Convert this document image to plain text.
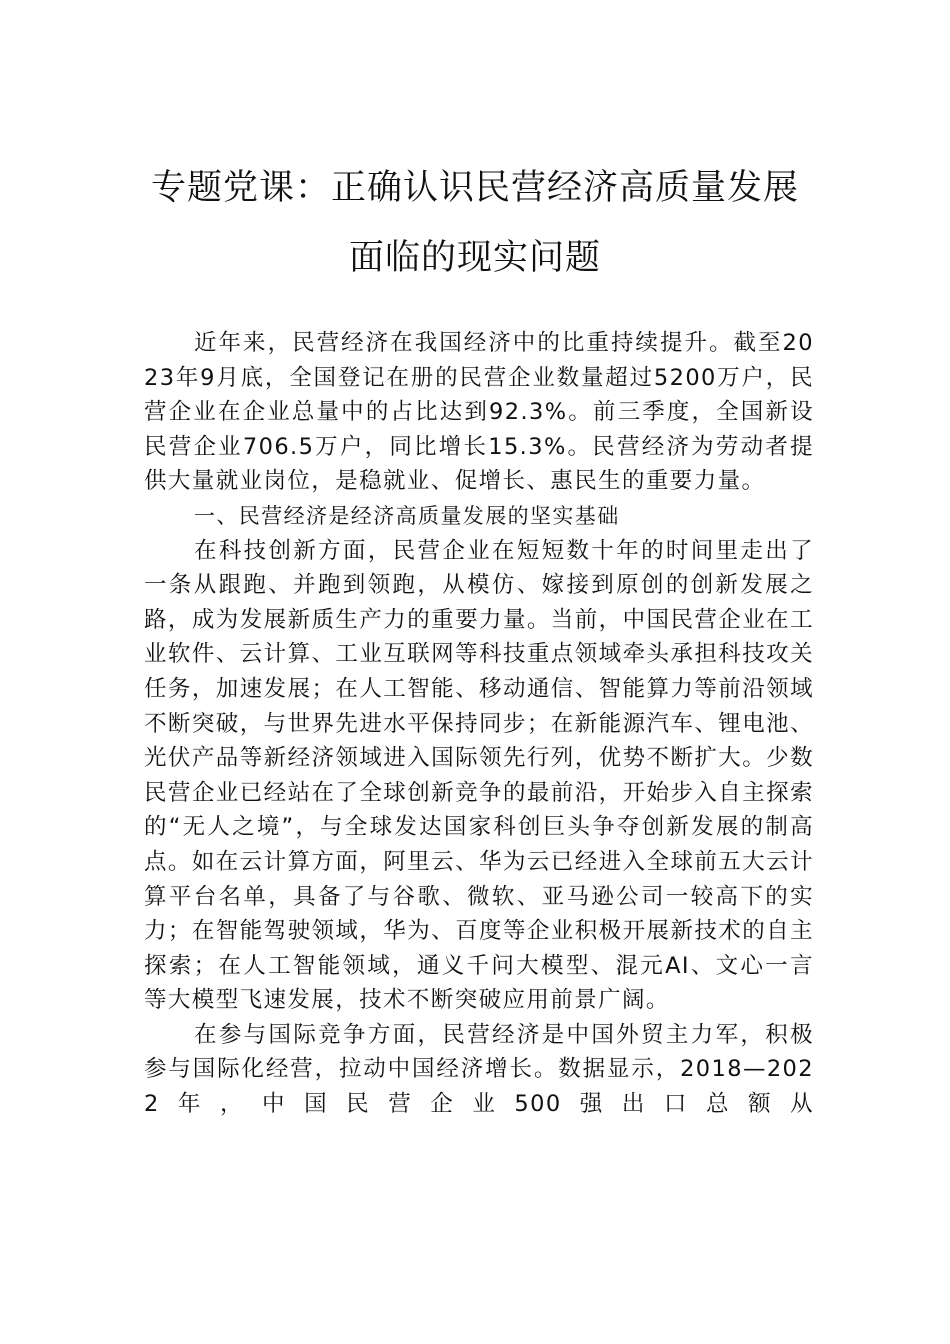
专题党课：正确认识民营经济高质量发展
面临的现实问题

近年来，民营经济在我国经济中的比重持续提升。截至2023年9月底，全国登记在册的民营企业数量超过5200万户，民营企业在企业总量中的占比达到92.3%。前三季度，全国新设民营企业706.5万户，同比增长15.3%。民营经济为劳动者提供大量就业岗位，是稳就业、促增长、惠民生的重要力量。

一、民营经济是经济高质量发展的坚实基础

在科技创新方面，民营企业在短短数十年的时间里走出了一条从跟跑、并跑到领跑，从模仿、嫁接到原创的创新发展之路，成为发展新质生产力的重要力量。当前，中国民营企业在工业软件、云计算、工业互联网等科技重点领域牵头承担科技攻关任务，加速发展；在人工智能、移动通信、智能算力等前沿领域不断突破，与世界先进水平保持同步；在新能源汽车、锂电池、光伏产品等新经济领域进入国际领先行列，优势不断扩大。少数民营企业已经站在了全球创新竞争的最前沿，开始步入自主探索的“无人之境”，与全球发达国家科创巨头争夺创新发展的制高点。如在云计算方面，阿里云、华为云已经进入全球前五大云计算平台名单，具备了与谷歌、微软、亚马逊公司一较高下的实力；在智能驾驶领域，华为、百度等企业积极开展新技术的自主探索；在人工智能领域，通义千问大模型、混元AI、文心一言等大模型飞速发展，技术不断突破应用前景广阔。

在参与国际竞争方面，民营经济是中国外贸主力军，积极参与国际化经营，拉动中国经济增长。数据显示，2018—2022年，中国民营企业500强出口总额从
